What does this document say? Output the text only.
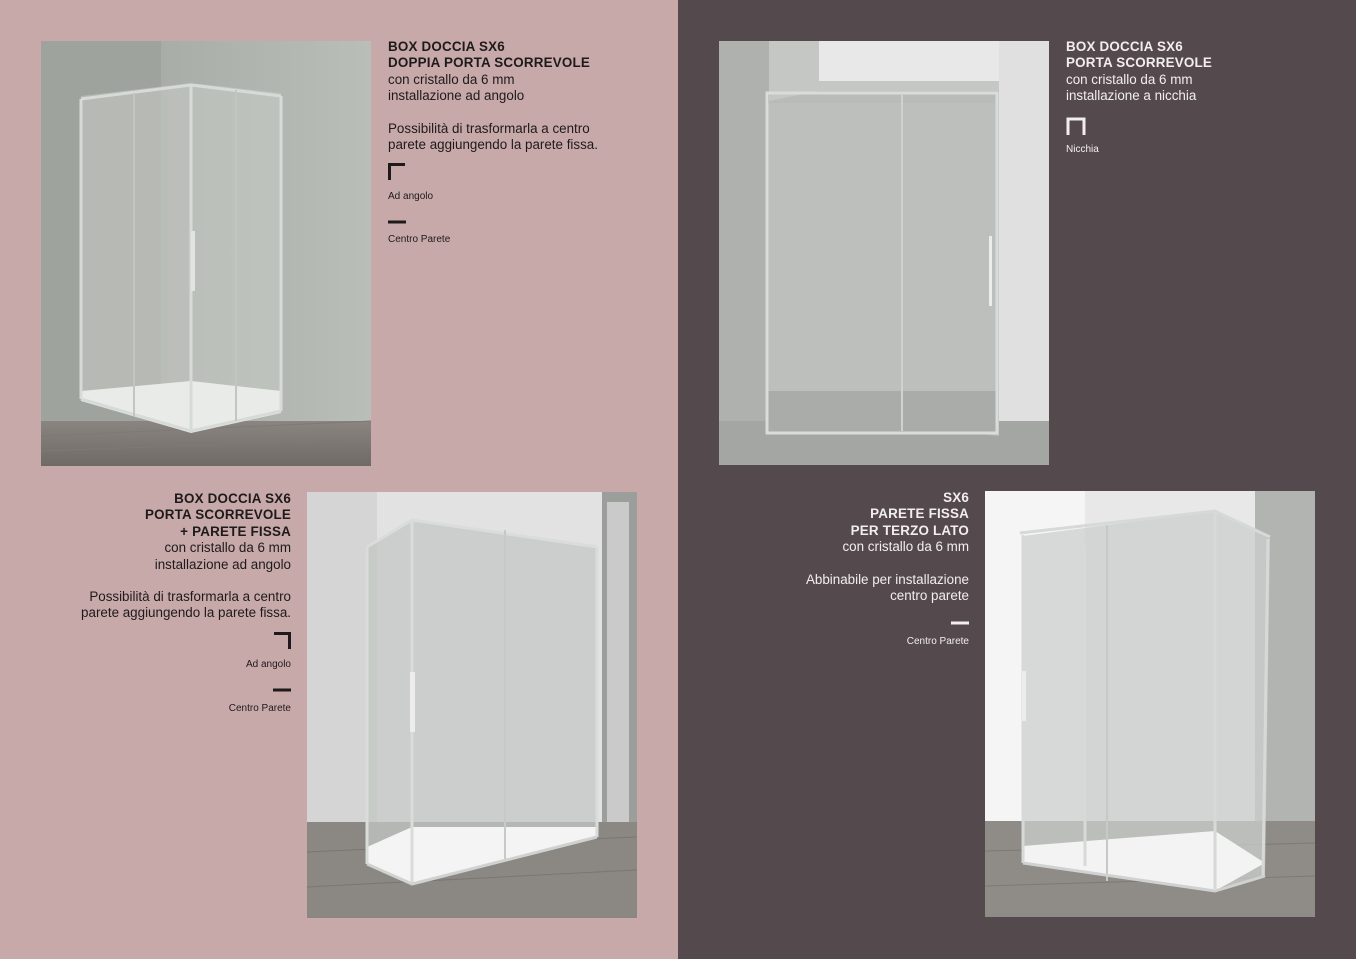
BOX DOCCIA SX6
DOPPIA PORTA SCORREVOLE
con cristallo da 6 mm
installazione ad angolo
Possibilità di trasformarla a centro
parete aggiungendo la parete fissa.
Ad angolo
Centro Parete
BOX DOCCIA SX6
PORTA SCORREVOLE
con cristallo da 6 mm
installazione a nicchia
Nicchia
BOX DOCCIA SX6
PORTA SCORREVOLE
+ PARETE FISSA
con cristallo da 6 mm
installazione ad angolo
Possibilità di trasformarla a centro
parete aggiungendo la parete fissa.
Ad angolo
Centro Parete
SX6
PARETE FISSA
PER TERZO LATO
con cristallo da 6 mm
Abbinabile per installazione
centro parete
Centro Parete
